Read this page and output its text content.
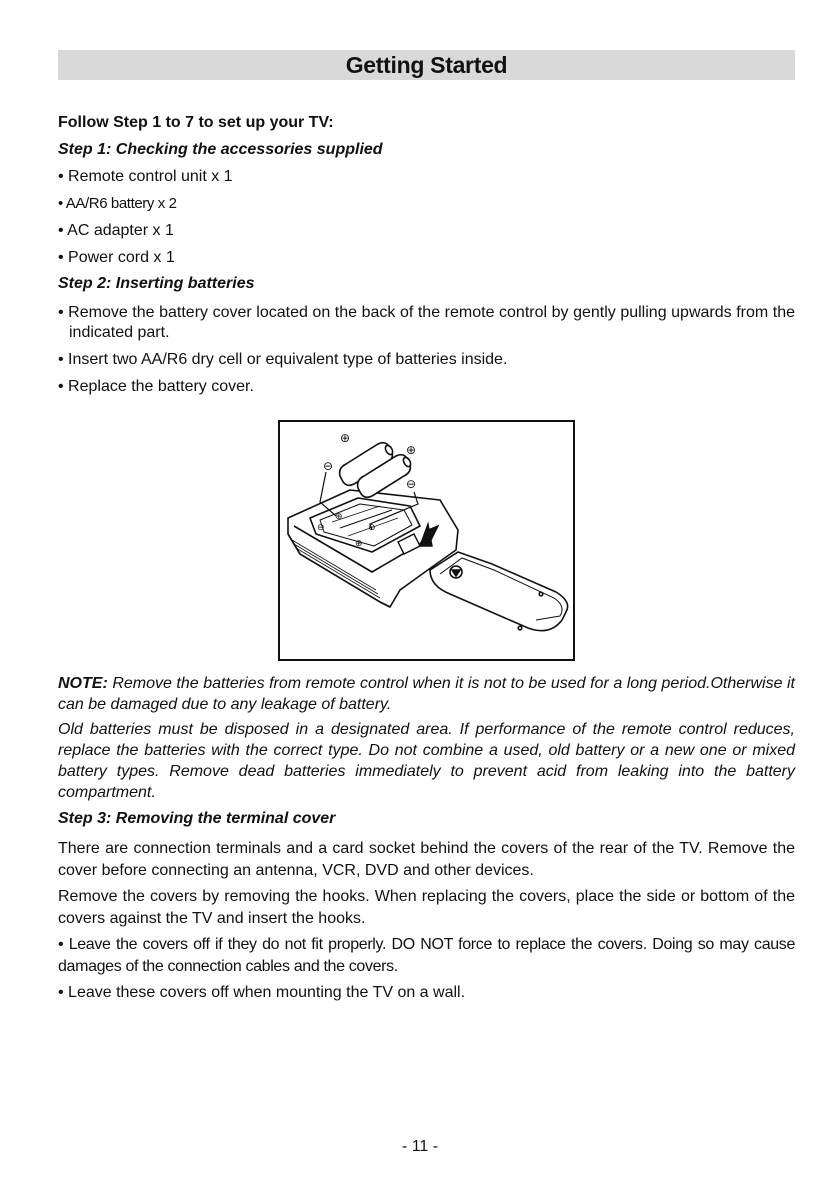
Getting Started

Follow Step 1 to 7 to set up your TV:

Step 1: Checking the accessories supplied

• Remote control unit x 1

• AA/R6 battery x 2

• AC adapter x 1

• Power cord x 1

Step 2: Inserting batteries

• Remove the battery cover located on the back of the remote control by gently pulling upwards from the indicated part.

• Insert two AA/R6 dry cell or equivalent type of batteries inside.

• Replace the battery cover.

⊖
⊕
⊖
⊕
⊕
⊖
⊕
⊖

NOTE: Remove the batteries from remote control when it is not to be used for a long period.Otherwise it can be damaged due to any leakage of battery.

Old batteries must be disposed in a designated area. If performance of the remote control reduces, replace the batteries with the correct type. Do not combine a used, old battery or a new one or mixed battery types. Remove dead batteries immediately to prevent acid from leaking into the battery compartment.

Step 3: Removing the terminal cover

There are connection terminals and a card socket behind the covers of the rear of the TV. Remove the cover before connecting an antenna, VCR, DVD and other devices.

Remove the covers by removing the hooks. When replacing the covers, place the side or bottom of the covers against the TV and insert the hooks.

• Leave the covers off if they do not fit properly. DO NOT force to replace the covers. Doing so may cause damages of the connection cables and the covers.

• Leave these covers off when mounting the TV on a wall.

- 11 -
